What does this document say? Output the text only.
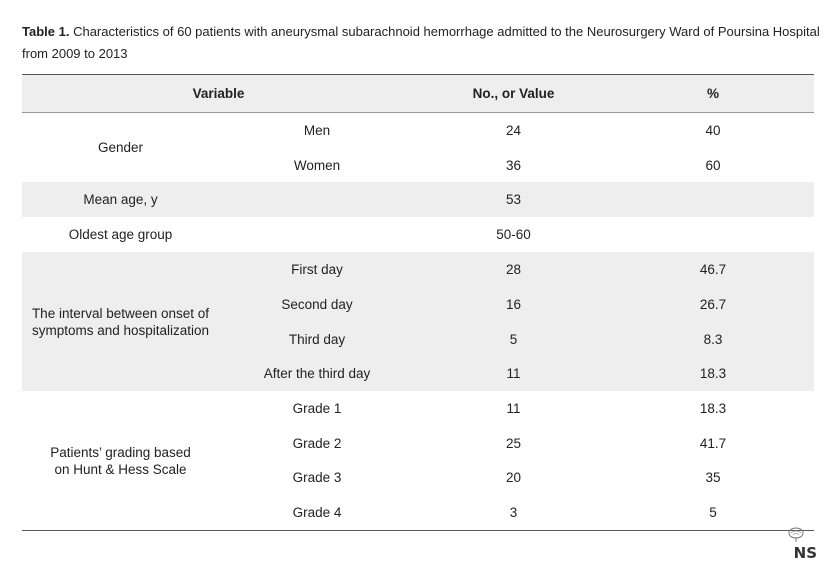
Table 1. Characteristics of 60 patients with aneurysmal subarachnoid hemorrhage admitted to the Neurosurgery Ward of Poursina Hospital from 2009 to 2013
Variable	No., or Value	%
Gender
Men	24	40
Women	36	60
Mean age, y	53
Oldest age group	50-60
The interval between onset of symptoms and hospitalization
First day	28	46.7
Second day	16	26.7
Third day	5	8.3
After the third day	11	18.3
Patients’ grading based on Hunt & Hess Scale
Grade 1	11	18.3
Grade 2	25	41.7
Grade 3	20	35
Grade 4	3	5
NS
